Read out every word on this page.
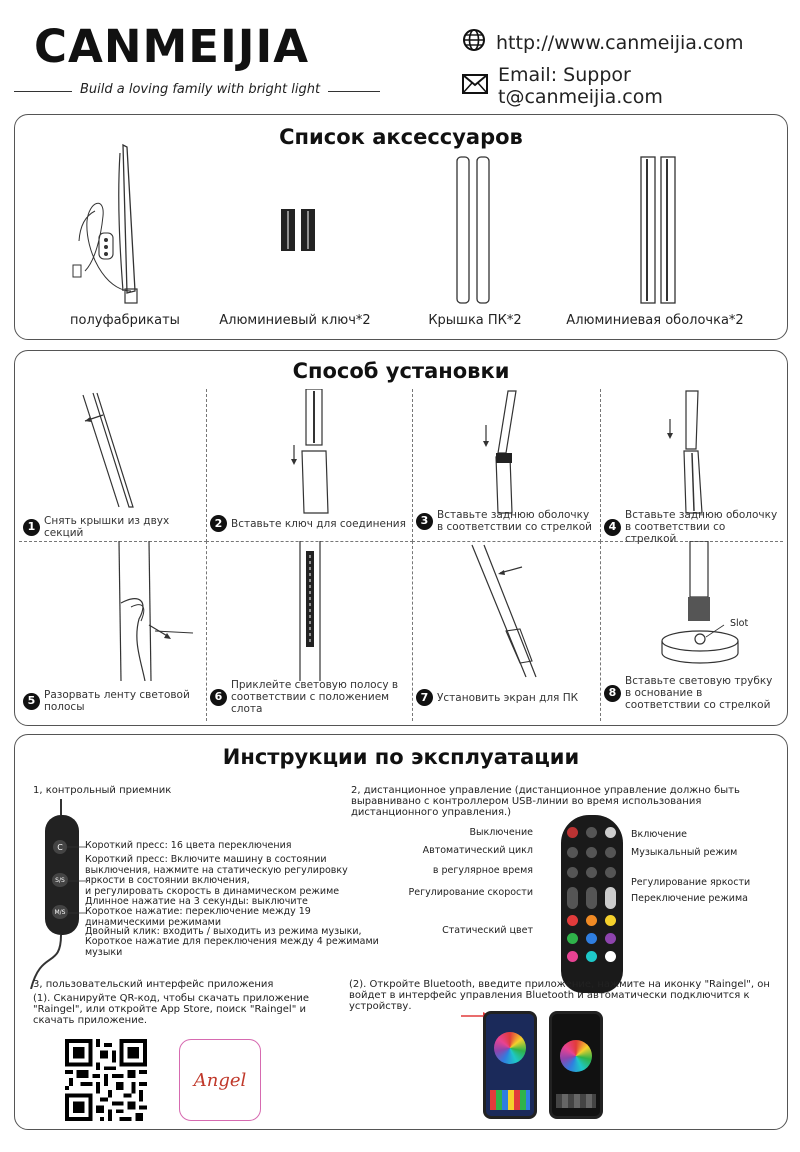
CANMEIJIA
Build a loving family with bright light
http://www.canmeijia.com
Email: Suppor t@canmeijia.com
Список аксессуаров
полуфабрикаты	Алюминиевый ключ*2	Крышка ПК*2	Алюминиевая оболочка*2
Способ установки
1 Снять крышки из двух секций
2 Вставьте ключ для соединения	3 Вставьте заднюю оболочку в соответствии со стрелкой	4
Вставьте заднюю оболочку в соответствии со стрелкой
5 Разорвать ленту световой полосы
6
Приклейте световую полосу в соответствии с положением слота
7 Установить экран для ПК
Slot
8
Вставьте световую трубку в основание в соответствии со стрелкой
Инструкции по эксплуатации
1, контрольный приемник
C
S/S
M/S
Короткий пресс: 16 цвета переключения
Короткий пресс: Включите машину в состоянии выключения, нажмите на статическую регулировку яркости в состоянии включения,
и регулировать скорость в динамическом режиме
Длинное нажатие на 3 секунды: выключите
Короткое нажатие: переключение между 19 динамическими режимами
Двойный клик: входить / выходить из режима музыки,
Короткое нажатие для переключения между 4 режимами музыки
2, дистанционное управление (дистанционное управление должно быть выравнивано с контроллером USB-линии во время использования дистанционного управления.)
Выключение
Автоматический цикл
в регулярное время
Регулирование скорости
Статический цвет
Включение
Музыкальный режим
Регулирование яркости
Переключение режима
3, пользовательский интерфейс приложения
(1). Сканируйте QR-код, чтобы скачать приложение "Raingel", или откройте App Store, поиск "Raingel" и скачать приложение.
Angel
(2). Откройте Bluetooth, введите приложение, нажмите на иконку "Raingel", он войдет в интерфейс управления Bluetooth и автоматически подключится к устройству.
